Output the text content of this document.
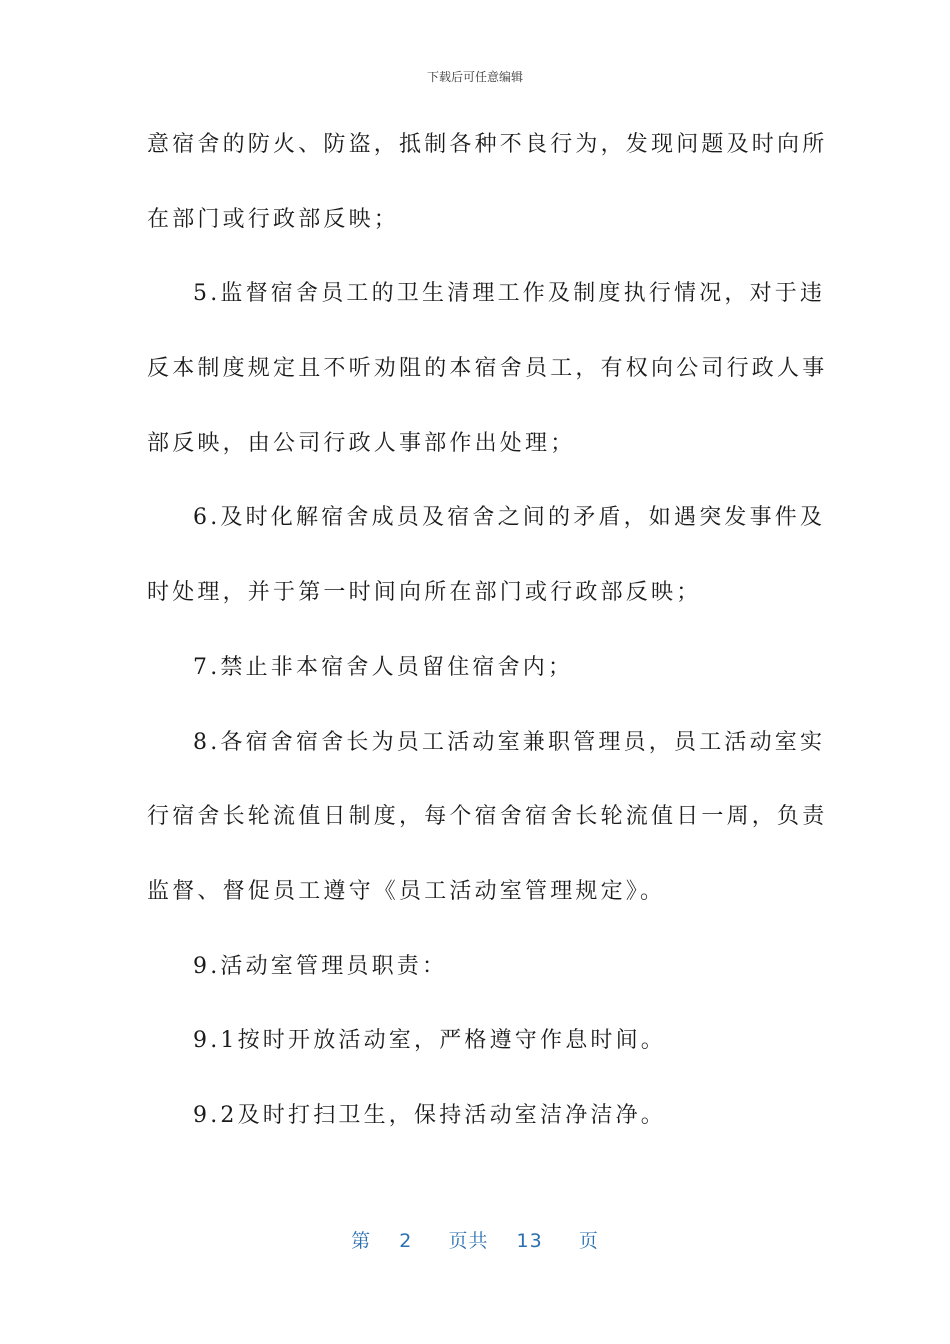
下载后可任意编辑
意宿舍的防火、防盗，抵制各种不良行为，发现问题及时向所
在部门或行政部反映；
5.监督宿舍员工的卫生清理工作及制度执行情况，对于违
反本制度规定且不听劝阻的本宿舍员工，有权向公司行政人事
部反映，由公司行政人事部作出处理；
6.及时化解宿舍成员及宿舍之间的矛盾，如遇突发事件及
时处理，并于第一时间向所在部门或行政部反映；
7.禁止非本宿舍人员留住宿舍内；
8.各宿舍宿舍长为员工活动室兼职管理员，员工活动室实
行宿舍长轮流值日制度，每个宿舍宿舍长轮流值日一周，负责
监督、督促员工遵守《员工活动室管理规定》。
9.活动室管理员职责：
9.1按时开放活动室，严格遵守作息时间。
9.2及时打扫卫生，保持活动室洁净洁净。
第 2 页共 13 页
